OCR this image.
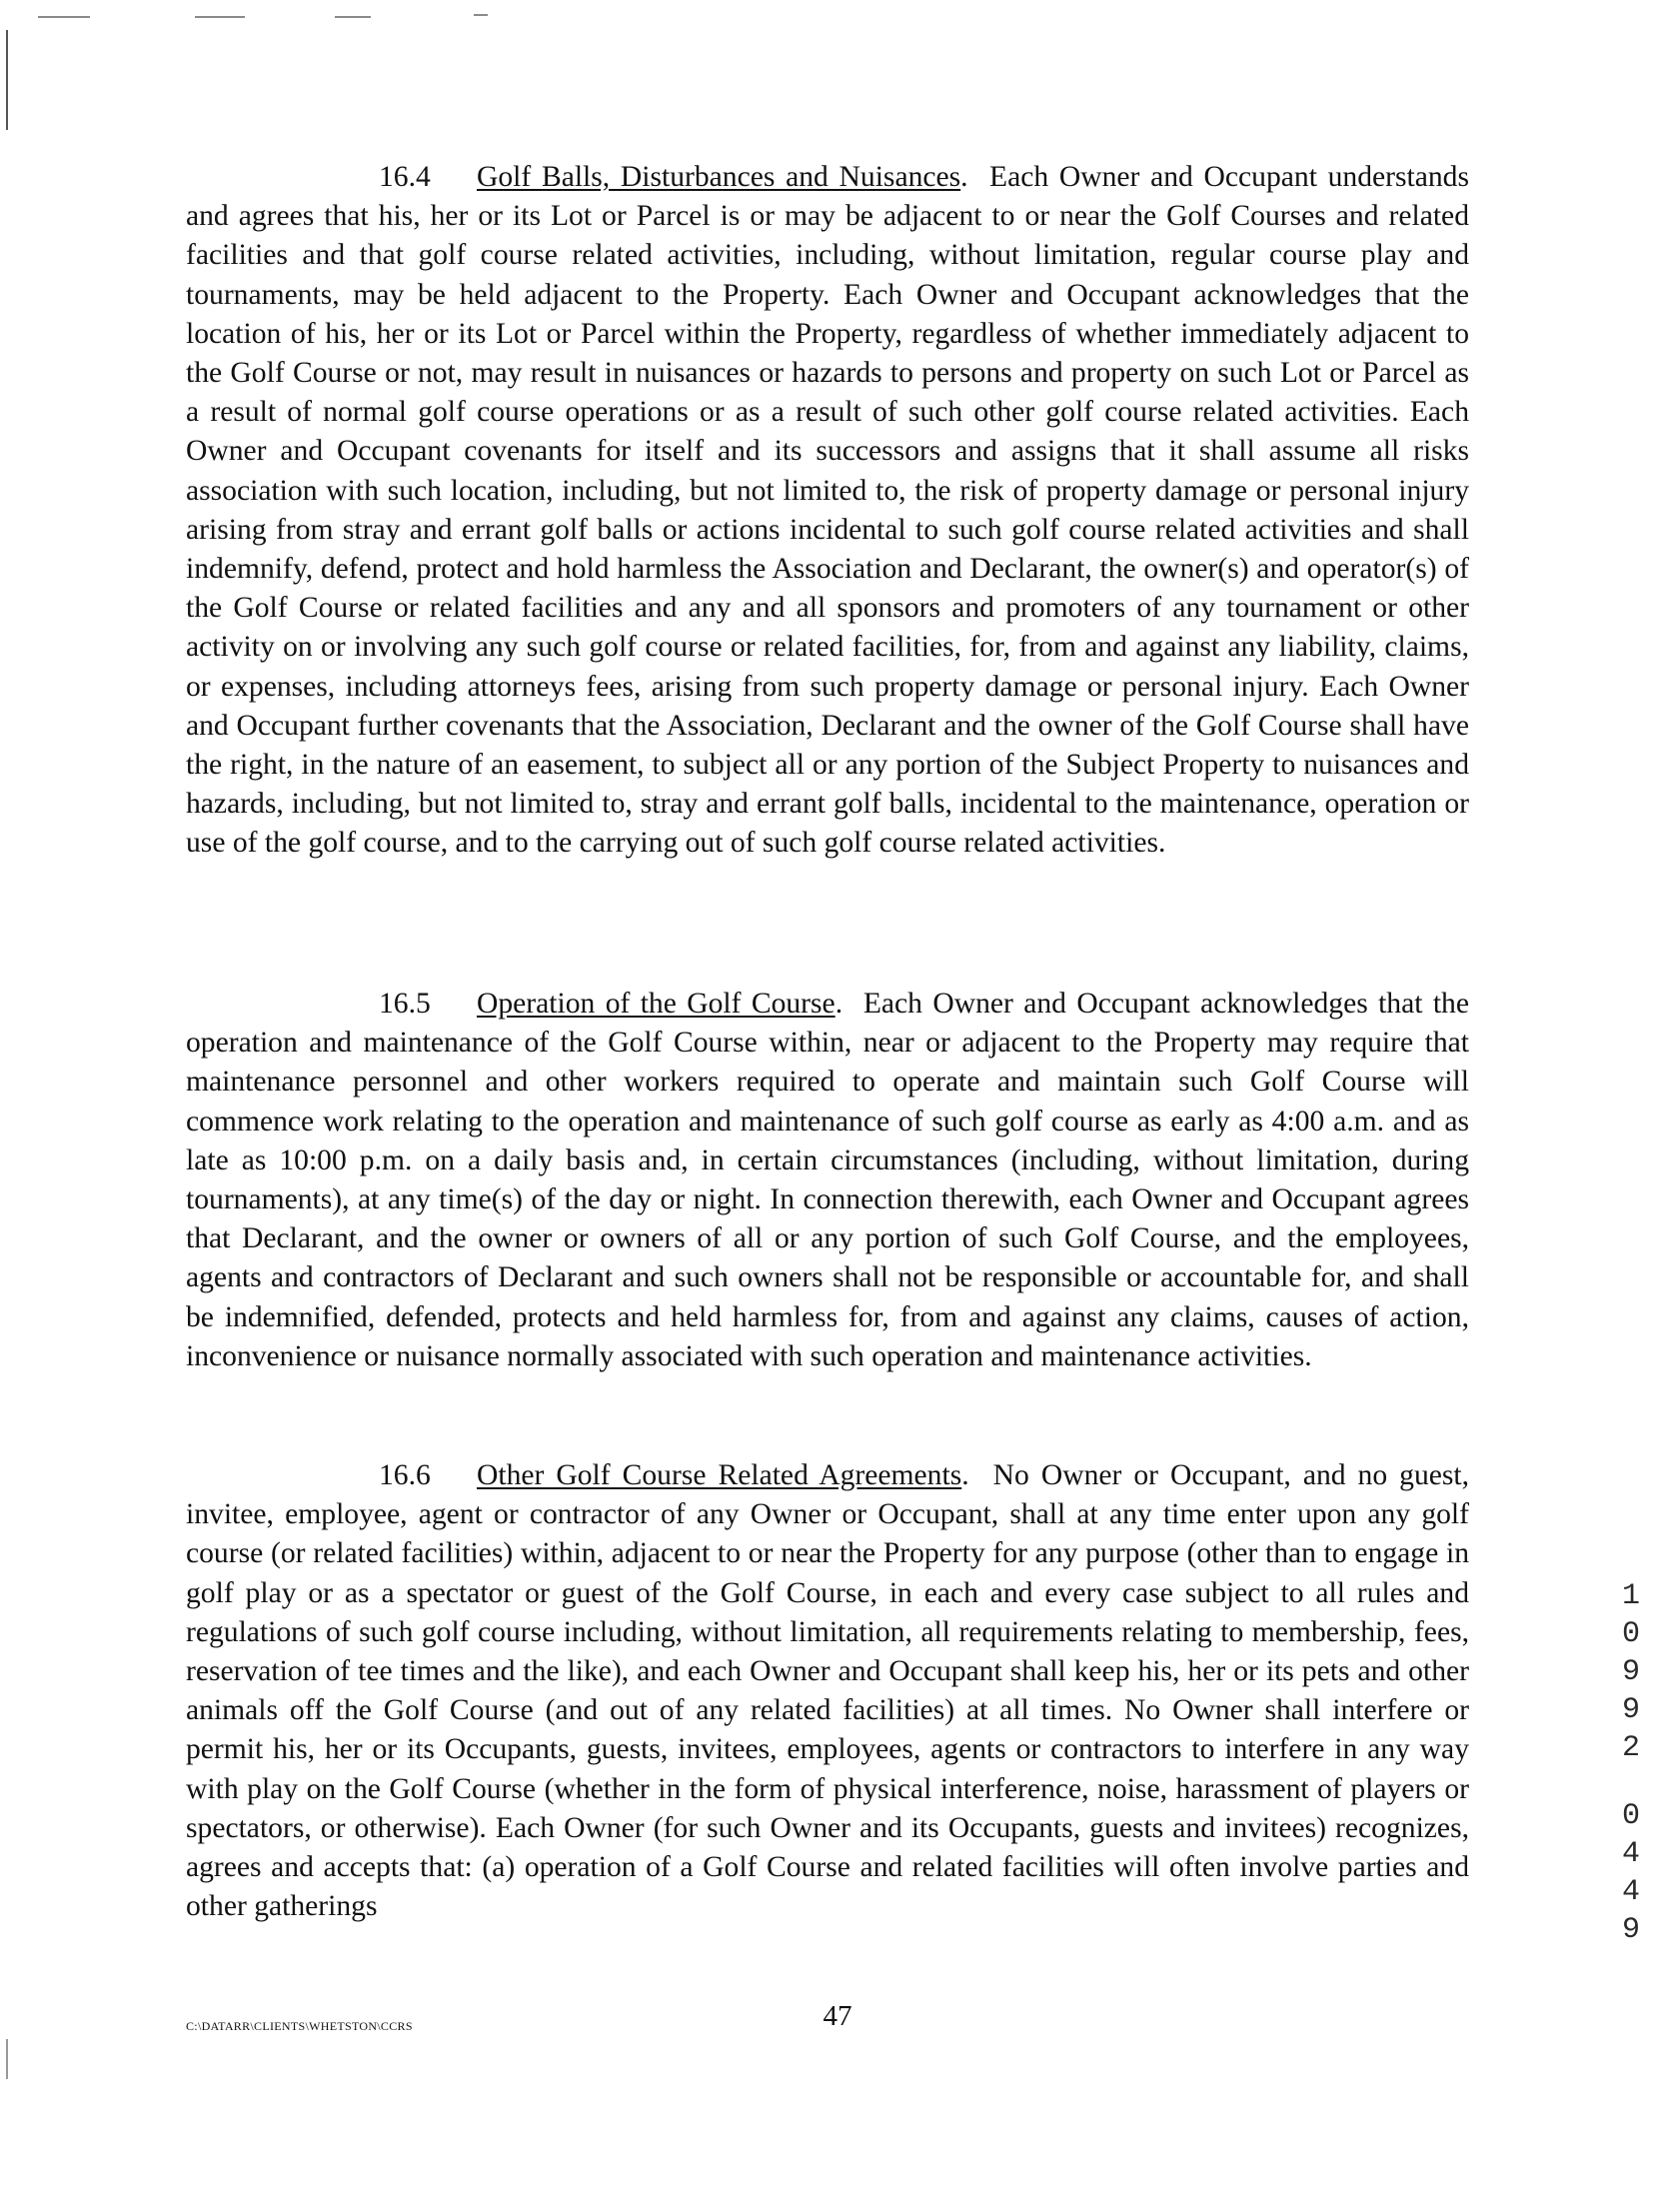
16.4 Golf Balls, Disturbances and Nuisances. Each Owner and Occupant understands and agrees that his, her or its Lot or Parcel is or may be adjacent to or near the Golf Courses and related facilities and that golf course related activities, including, without limitation, regular course play and tournaments, may be held adjacent to the Property. Each Owner and Occupant acknowledges that the location of his, her or its Lot or Parcel within the Property, regardless of whether immediately adjacent to the Golf Course or not, may result in nuisances or hazards to persons and property on such Lot or Parcel as a result of normal golf course operations or as a result of such other golf course related activities. Each Owner and Occupant covenants for itself and its successors and assigns that it shall assume all risks association with such location, including, but not limited to, the risk of property damage or personal injury arising from stray and errant golf balls or actions incidental to such golf course related activities and shall indemnify, defend, protect and hold harmless the Association and Declarant, the owner(s) and operator(s) of the Golf Course or related facilities and any and all sponsors and promoters of any tournament or other activity on or involving any such golf course or related facilities, for, from and against any liability, claims, or expenses, including attorneys fees, arising from such property damage or personal injury. Each Owner and Occupant further covenants that the Association, Declarant and the owner of the Golf Course shall have the right, in the nature of an easement, to subject all or any portion of the Subject Property to nuisances and hazards, including, but not limited to, stray and errant golf balls, incidental to the maintenance, operation or use of the golf course, and to the carrying out of such golf course related activities.

16.5 Operation of the Golf Course. Each Owner and Occupant acknowledges that the operation and maintenance of the Golf Course within, near or adjacent to the Property may require that maintenance personnel and other workers required to operate and maintain such Golf Course will commence work relating to the operation and maintenance of such golf course as early as 4:00 a.m. and as late as 10:00 p.m. on a daily basis and, in certain circumstances (including, without limitation, during tournaments), at any time(s) of the day or night. In connection therewith, each Owner and Occupant agrees that Declarant, and the owner or owners of all or any portion of such Golf Course, and the employees, agents and contractors of Declarant and such owners shall not be responsible or accountable for, and shall be indemnified, defended, protects and held harmless for, from and against any claims, causes of action, inconvenience or nuisance normally associated with such operation and maintenance activities.

16.6 Other Golf Course Related Agreements. No Owner or Occupant, and no guest, invitee, employee, agent or contractor of any Owner or Occupant, shall at any time enter upon any golf course (or related facilities) within, adjacent to or near the Property for any purpose (other than to engage in golf play or as a spectator or guest of the Golf Course, in each and every case subject to all rules and regulations of such golf course including, without limitation, all requirements relating to membership, fees, reservation of tee times and the like), and each Owner and Occupant shall keep his, her or its pets and other animals off the Golf Course (and out of any related facilities) at all times. No Owner shall interfere or permit his, her or its Occupants, guests, invitees, employees, agents or contractors to interfere in any way with play on the Golf Course (whether in the form of physical interference, noise, harassment of players or spectators, or otherwise). Each Owner (for such Owner and its Occupants, guests and invitees) recognizes, agrees and accepts that: (a) operation of a Golf Course and related facilities will often involve parties and other gatherings

1
0
9
9
2
0
4
4
9
47
C:\DATARR\CLIENTS\WHETSTON\CCRS
